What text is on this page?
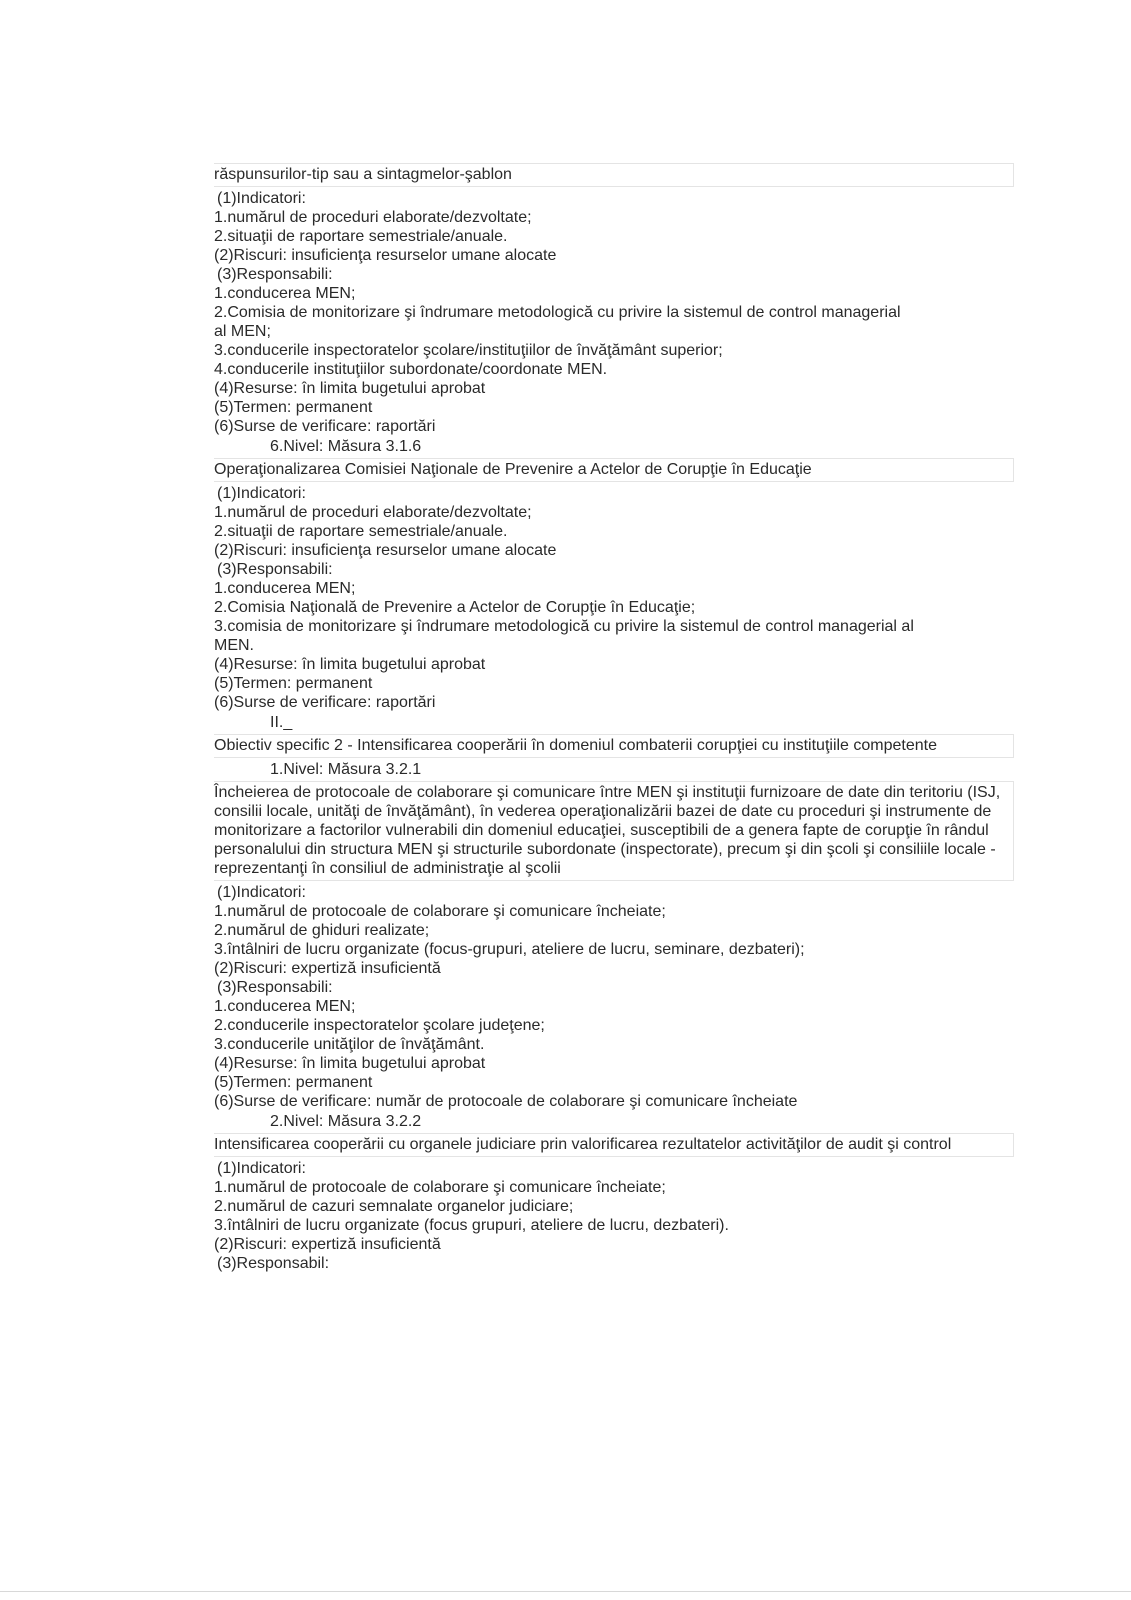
răspunsurilor-tip sau a sintagmelor-şablon
(1)Indicatori:
1.numărul de proceduri elaborate/dezvoltate;
2.situaţii de raportare semestriale/anuale.
(2)Riscuri: insuficienţa resurselor umane alocate
(3)Responsabili:
1.conducerea MEN;
2.Comisia de monitorizare şi îndrumare metodologică cu privire la sistemul de control managerial
al MEN;
3.conducerile inspectoratelor şcolare/instituţiilor de învăţământ superior;
4.conducerile instituţiilor subordonate/coordonate MEN.
(4)Resurse: în limita bugetului aprobat
(5)Termen: permanent
(6)Surse de verificare: raportări
6.Nivel: Măsura 3.1.6
Operaţionalizarea Comisiei Naţionale de Prevenire a Actelor de Corupţie în Educaţie
(1)Indicatori:
1.numărul de proceduri elaborate/dezvoltate;
2.situaţii de raportare semestriale/anuale.
(2)Riscuri: insuficienţa resurselor umane alocate
(3)Responsabili:
1.conducerea MEN;
2.Comisia Naţională de Prevenire a Actelor de Corupţie în Educaţie;
3.comisia de monitorizare şi îndrumare metodologică cu privire la sistemul de control managerial al
MEN.
(4)Resurse: în limita bugetului aprobat
(5)Termen: permanent
(6)Surse de verificare: raportări
II._
Obiectiv specific 2 - Intensificarea cooperării în domeniul combaterii corupţiei cu instituţiile competente
1.Nivel: Măsura 3.2.1
Încheierea de protocoale de colaborare şi comunicare între MEN şi instituţii furnizoare de date din teritoriu (ISJ, consilii locale, unităţi de învăţământ), în vederea operaţionalizării bazei de date cu proceduri şi instrumente de monitorizare a factorilor vulnerabili din domeniul educaţiei, susceptibili de a genera fapte de corupţie în rândul personalului din structura MEN şi structurile subordonate (inspectorate), precum şi din şcoli şi consiliile locale - reprezentanţi în consiliul de administraţie al şcolii
(1)Indicatori:
1.numărul de protocoale de colaborare şi comunicare încheiate;
2.numărul de ghiduri realizate;
3.întâlniri de lucru organizate (focus-grupuri, ateliere de lucru, seminare, dezbateri);
(2)Riscuri: expertiză insuficientă
(3)Responsabili:
1.conducerea MEN;
2.conducerile inspectoratelor şcolare judeţene;
3.conducerile unităţilor de învăţământ.
(4)Resurse: în limita bugetului aprobat
(5)Termen: permanent
(6)Surse de verificare: număr de protocoale de colaborare şi comunicare încheiate
2.Nivel: Măsura 3.2.2
Intensificarea cooperării cu organele judiciare prin valorificarea rezultatelor activităţilor de audit şi control
(1)Indicatori:
1.numărul de protocoale de colaborare şi comunicare încheiate;
2.numărul de cazuri semnalate organelor judiciare;
3.întâlniri de lucru organizate (focus grupuri, ateliere de lucru, dezbateri).
(2)Riscuri: expertiză insuficientă
(3)Responsabil:
